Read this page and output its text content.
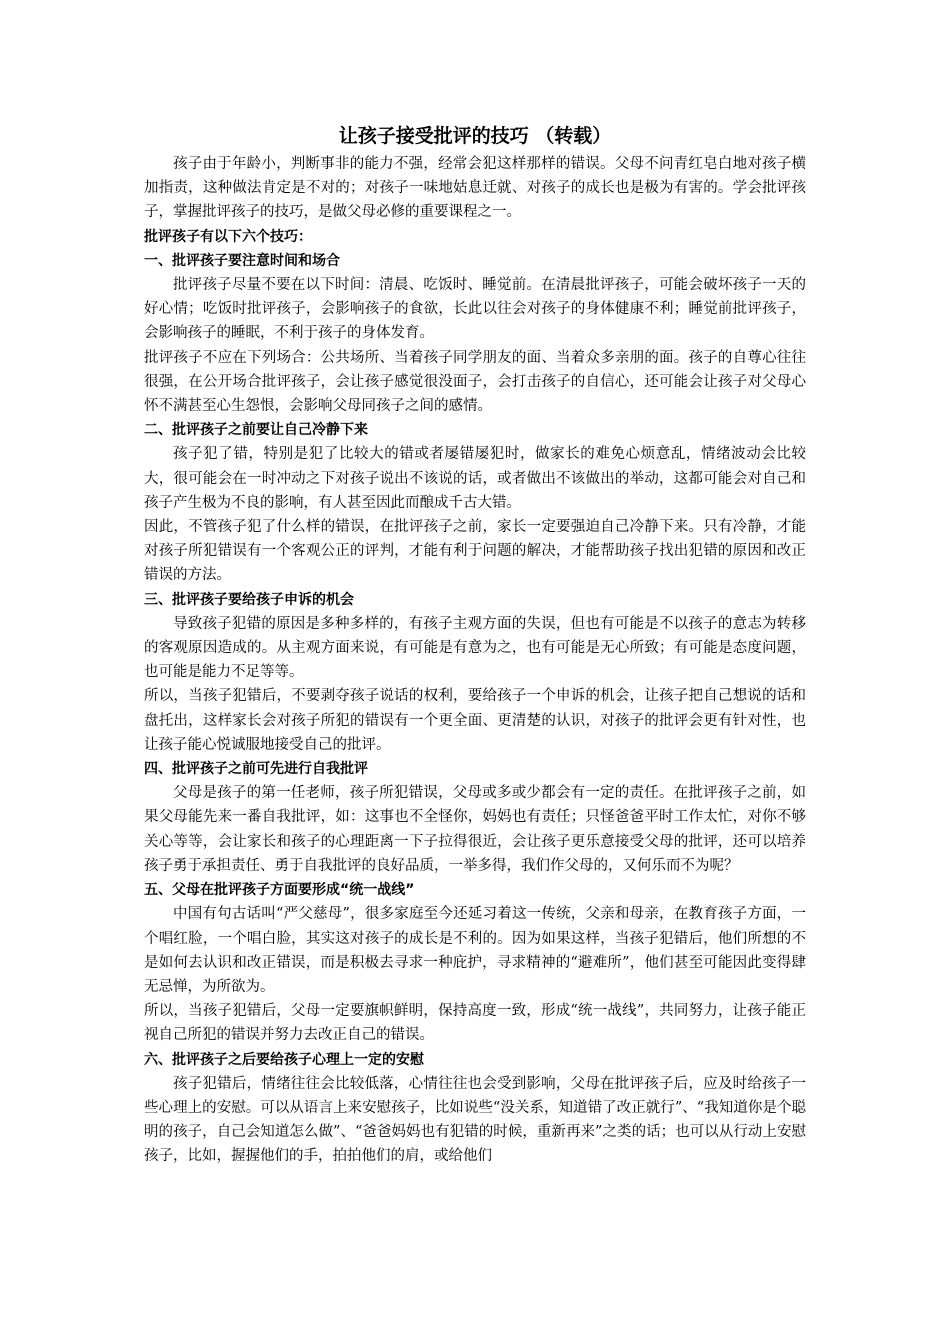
让孩子接受批评的技巧 （转载）

孩子由于年龄小，判断事非的能力不强，经常会犯这样那样的错误。父母不问青红皂白地对孩子横加指责，这种做法肯定是不对的；对孩子一味地姑息迁就、对孩子的成长也是极为有害的。学会批评孩子，掌握批评孩子的技巧，是做父母必修的重要课程之一。

批评孩子有以下六个技巧：

一、批评孩子要注意时间和场合

批评孩子尽量不要在以下时间：清晨、吃饭时、睡觉前。在清晨批评孩子，可能会破坏孩子一天的好心情；吃饭时批评孩子，会影响孩子的食欲，长此以往会对孩子的身体健康不利；睡觉前批评孩子，会影响孩子的睡眠，不利于孩子的身体发育。

批评孩子不应在下列场合：公共场所、当着孩子同学朋友的面、当着众多亲朋的面。孩子的自尊心往往很强，在公开场合批评孩子，会让孩子感觉很没面子，会打击孩子的自信心，还可能会让孩子对父母心怀不满甚至心生怨恨，会影响父母同孩子之间的感情。

二、批评孩子之前要让自己冷静下来

孩子犯了错，特别是犯了比较大的错或者屡错屡犯时，做家长的难免心烦意乱，情绪波动会比较大，很可能会在一时冲动之下对孩子说出不该说的话，或者做出不该做出的举动，这都可能会对自己和孩子产生极为不良的影响，有人甚至因此而酿成千古大错。

因此，不管孩子犯了什么样的错误，在批评孩子之前，家长一定要强迫自己冷静下来。只有冷静，才能对孩子所犯错误有一个客观公正的评判，才能有利于问题的解决，才能帮助孩子找出犯错的原因和改正错误的方法。

三、批评孩子要给孩子申诉的机会

导致孩子犯错的原因是多种多样的，有孩子主观方面的失误，但也有可能是不以孩子的意志为转移的客观原因造成的。从主观方面来说，有可能是有意为之，也有可能是无心所致；有可能是态度问题，也可能是能力不足等等。

所以，当孩子犯错后，不要剥夺孩子说话的权利，要给孩子一个申诉的机会，让孩子把自己想说的话和盘托出，这样家长会对孩子所犯的错误有一个更全面、更清楚的认识，对孩子的批评会更有针对性，也让孩子能心悦诚服地接受自己的批评。

四、批评孩子之前可先进行自我批评

父母是孩子的第一任老师，孩子所犯错误，父母或多或少都会有一定的责任。在批评孩子之前，如果父母能先来一番自我批评，如：这事也不全怪你，妈妈也有责任；只怪爸爸平时工作太忙，对你不够关心等等，会让家长和孩子的心理距离一下子拉得很近，会让孩子更乐意接受父母的批评，还可以培养孩子勇于承担责任、勇于自我批评的良好品质，一举多得，我们作父母的，又何乐而不为呢？

五、父母在批评孩子方面要形成“统一战线”

中国有句古话叫“严父慈母”，很多家庭至今还延习着这一传统，父亲和母亲，在教育孩子方面，一个唱红脸，一个唱白脸，其实这对孩子的成长是不利的。因为如果这样，当孩子犯错后，他们所想的不是如何去认识和改正错误，而是积极去寻求一种庇护，寻求精神的“避难所”，他们甚至可能因此变得肆无忌惮，为所欲为。

所以，当孩子犯错后，父母一定要旗帜鲜明，保持高度一致，形成“统一战线”，共同努力，让孩子能正视自己所犯的错误并努力去改正自己的错误。

六、批评孩子之后要给孩子心理上一定的安慰

孩子犯错后，情绪往往会比较低落，心情往往也会受到影响，父母在批评孩子后，应及时给孩子一些心理上的安慰。可以从语言上来安慰孩子，比如说些“没关系，知道错了改正就行”、“我知道你是个聪明的孩子，自己会知道怎么做”、“爸爸妈妈也有犯错的时候，重新再来”之类的话；也可以从行动上安慰孩子，比如，握握他们的手，拍拍他们的肩，或给他们
